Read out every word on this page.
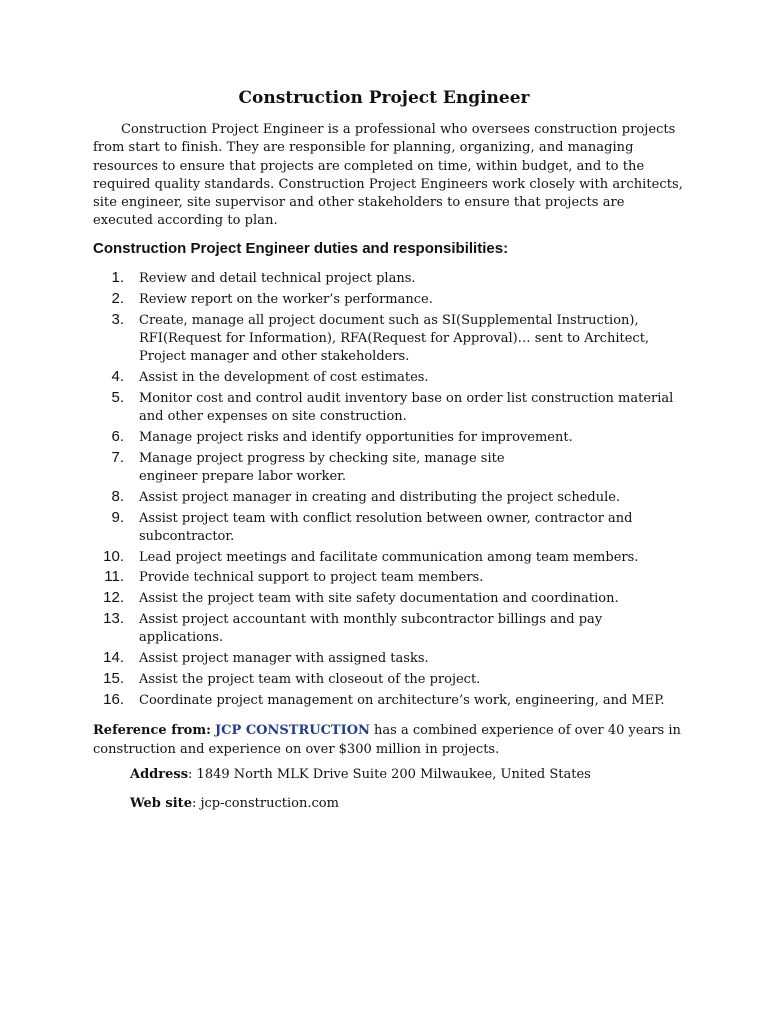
Construction Project Engineer

Construction Project Engineer is a professional who oversees construction projects from start to finish. They are responsible for planning, organizing, and managing resources to ensure that projects are completed on time, within budget, and to the required quality standards. Construction Project Engineers work closely with architects, site engineer, site supervisor and other stakeholders to ensure that projects are executed according to plan.

Construction Project Engineer duties and responsibilities:
1. Review and detail technical project plans.
2. Review report on the worker’s performance.
3. Create, manage all project document such as SI(Supplemental Instruction), RFI(Request for Information), RFA(Request for Approval)… sent to Architect, Project manager and other stakeholders.
4. Assist in the development of cost estimates.
5. Monitor cost and control audit inventory base on order list construction material and other expenses on site construction.
6. Manage project risks and identify opportunities for improvement.
7. Manage project progress by checking site, manage site engineer prepare labor worker.
8. Assist project manager in creating and distributing the project schedule.
9. Assist project team with conflict resolution between owner, contractor and subcontractor.
10. Lead project meetings and facilitate communication among team members.
11. Provide technical support to project team members.
12. Assist the project team with site safety documentation and coordination.
13. Assist project accountant with monthly subcontractor billings and pay applications.
14. Assist project manager with assigned tasks.
15. Assist the project team with closeout of the project.
16. Coordinate project management on architecture’s work, engineering, and MEP.

Reference from: JCP CONSTRUCTION has a combined experience of over 40 years in construction and experience on over $300 million in projects.

Address: 1849 North MLK Drive Suite 200 Milwaukee, United States

Web site: jcp-construction.com
